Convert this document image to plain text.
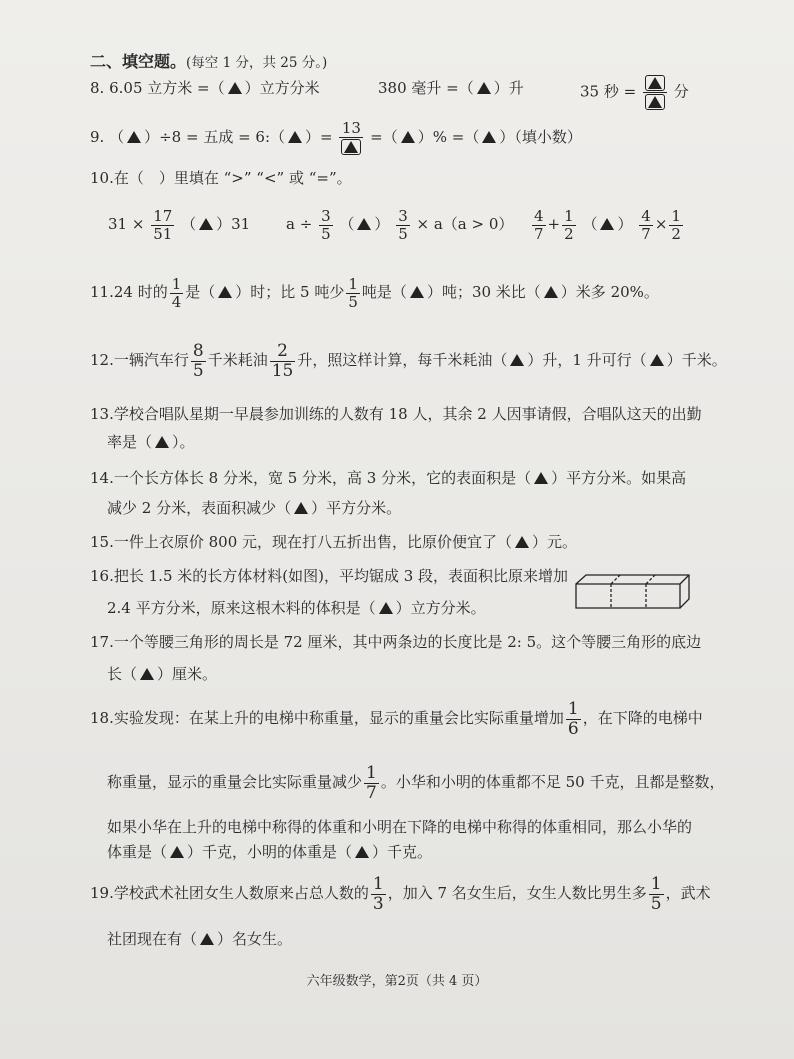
二、填空题。(每空 1 分，共 25 分。)
8. 6.05 立方米 =（ ）立方分米	380 毫升 =（ ）升	35 秒 =	分
9. （ ）÷8 = 五成 = 6:（ ）= 13 =（ ）% =（ ）（填小数）
10.在（　）里填在 “>” “<” 或 “=”。
$31 \times \frac{17}{51}$ （ ）31 $a \div \frac{3}{5}$ （ ） $\frac{3}{5} \times a(a > 0) \frac{4}{7} + \frac{1}{2}$ （ ） $\frac{4}{7} \times \frac{1}{2}$
11.24 时的 $\frac{1}{4}$ 是（ ）时；比 5 吨少 $\frac{1}{5}$ 吨是（ ）吨；30 米比（ ）米多 20%。
12.一辆汽车行 $\frac{8}{5}$ 千米耗油 $\frac{2}{15}$ 升，照这样计算，每千米耗油（ ）升，1 升可行（ ）千米。
13.学校合唱队星期一早晨参加训练的人数有 18 人，其余 2 人因事请假，合唱队这天的出勤
率是（ ）。
14.一个长方体长 8 分米，宽 5 分米，高 3 分米，它的表面积是（ ）平方分米。如果高
减少 2 分米，表面积减少（ ）平方分米。
15.一件上衣原价 800 元，现在打八五折出售，比原价便宜了（ ）元。
16.把长 1.5 米的长方体材料(如图)，平均锯成 3 段，表面积比原来增加
2.4 平方分米，原来这根木料的体积是（ ）立方分米。
17.一个等腰三角形的周长是 72 厘米，其中两条边的长度比是 2: 5。这个等腰三角形的底边
长（ ）厘米。
18.实验发现：在某上升的电梯中称重量，显示的重量会比实际重量增加 $\frac{1}{6}$ ，在下降的电梯中
称重量，显示的重量会比实际重量减少 $\frac{1}{7}$ 。小华和小明的体重都不足 50 千克，且都是整数，
如果小华在上升的电梯中称得的体重和小明在下降的电梯中称得的体重相同，那么小华的
体重是（ ）千克，小明的体重是（ ）千克。
19.学校武术社团女生人数原来占总人数的 $\frac{1}{3}$ ，加入 7 名女生后，女生人数比男生多 $\frac{1}{5}$ ，武术
社团现在有（ ）名女生。
六年级数学，第2页（共 4 页）
